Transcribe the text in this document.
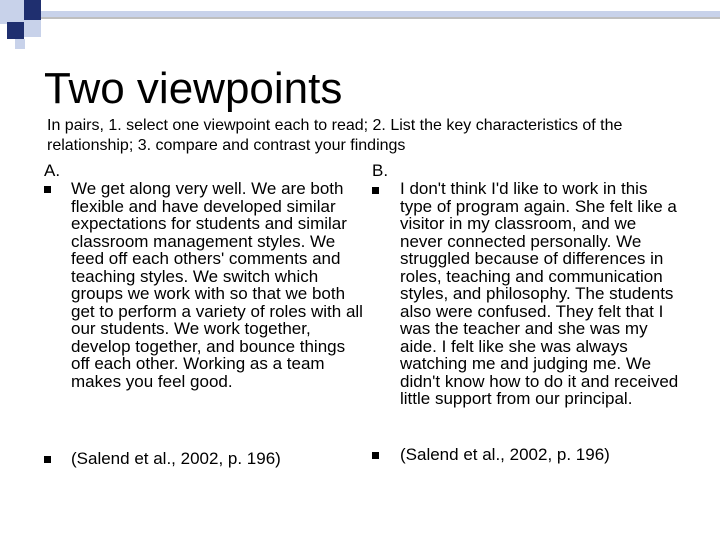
Two viewpoints

In pairs, 1. select one viewpoint each to read; 2. List the key characteristics of the relationship; 3. compare and contrast your findings

A.

We get along very well. We are both flexible and have developed similar expectations for students and similar classroom management styles. We feed off each others' comments and teaching styles. We switch which groups we work with so that we both get to perform a variety of roles with all our students. We work together, develop together, and bounce things off each other. Working as a team makes you feel good.

(Salend et al., 2002, p. 196)

B.

I don't think I'd like to work in this type of program again. She felt like a visitor in my classroom, and we never connected personally. We struggled because of differences in roles, teaching and communication styles, and philosophy. The students also were confused. They felt that I was the teacher and she was my aide. I felt like she was always watching me and judging me. We didn't know how to do it and received little support from our principal.

(Salend et al., 2002, p. 196)
